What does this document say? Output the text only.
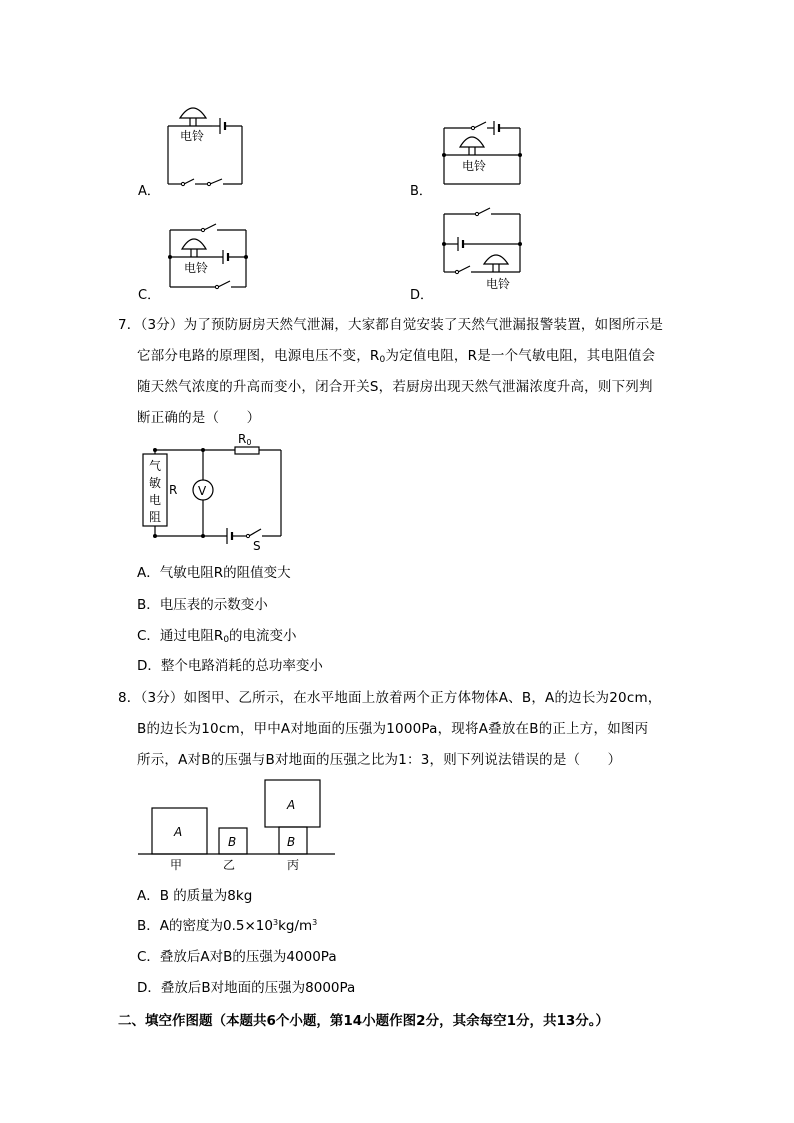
电铃
A．
电铃
B．
电铃
C．
电铃
D．
7．（3分）为了预防厨房天然气泄漏，大家都自觉安装了天然气泄漏报警装置，如图所示是
它部分电路的原理图，电源电压不变，$R_0$为定值电阻，R是一个气敏电阻，其电阻值会
随天然气浓度的升高而变小，闭合开关S，若厨房出现天然气泄漏浓度升高，则下列判
断正确的是（　　）
气
敏
电
阻
R
R0
V
S
A．气敏电阻R的阻值变大
B．电压表的示数变小
C．通过电阻$R_0$的电流变小
D．整个电路消耗的总功率变小
8．（3分）如图甲、乙所示，在水平地面上放着两个正方体物体A、B，A的边长为20cm，
B的边长为10cm，甲中A对地面的压强为1000Pa，现将A叠放在B的正上方，如图丙
所示，A对B的压强与B对地面的压强之比为1：3，则下列说法错误的是（　　）
A
B
A
B
甲	乙	丙
A．B 的质量为8kg
B．A的密度为$0.5\times 10^3kg/m^3$
C．叠放后A对B的压强为4000Pa
D．叠放后B对地面的压强为8000Pa
二、填空作图题（本题共6个小题，第14小题作图2分，其余每空1分，共13分。）
